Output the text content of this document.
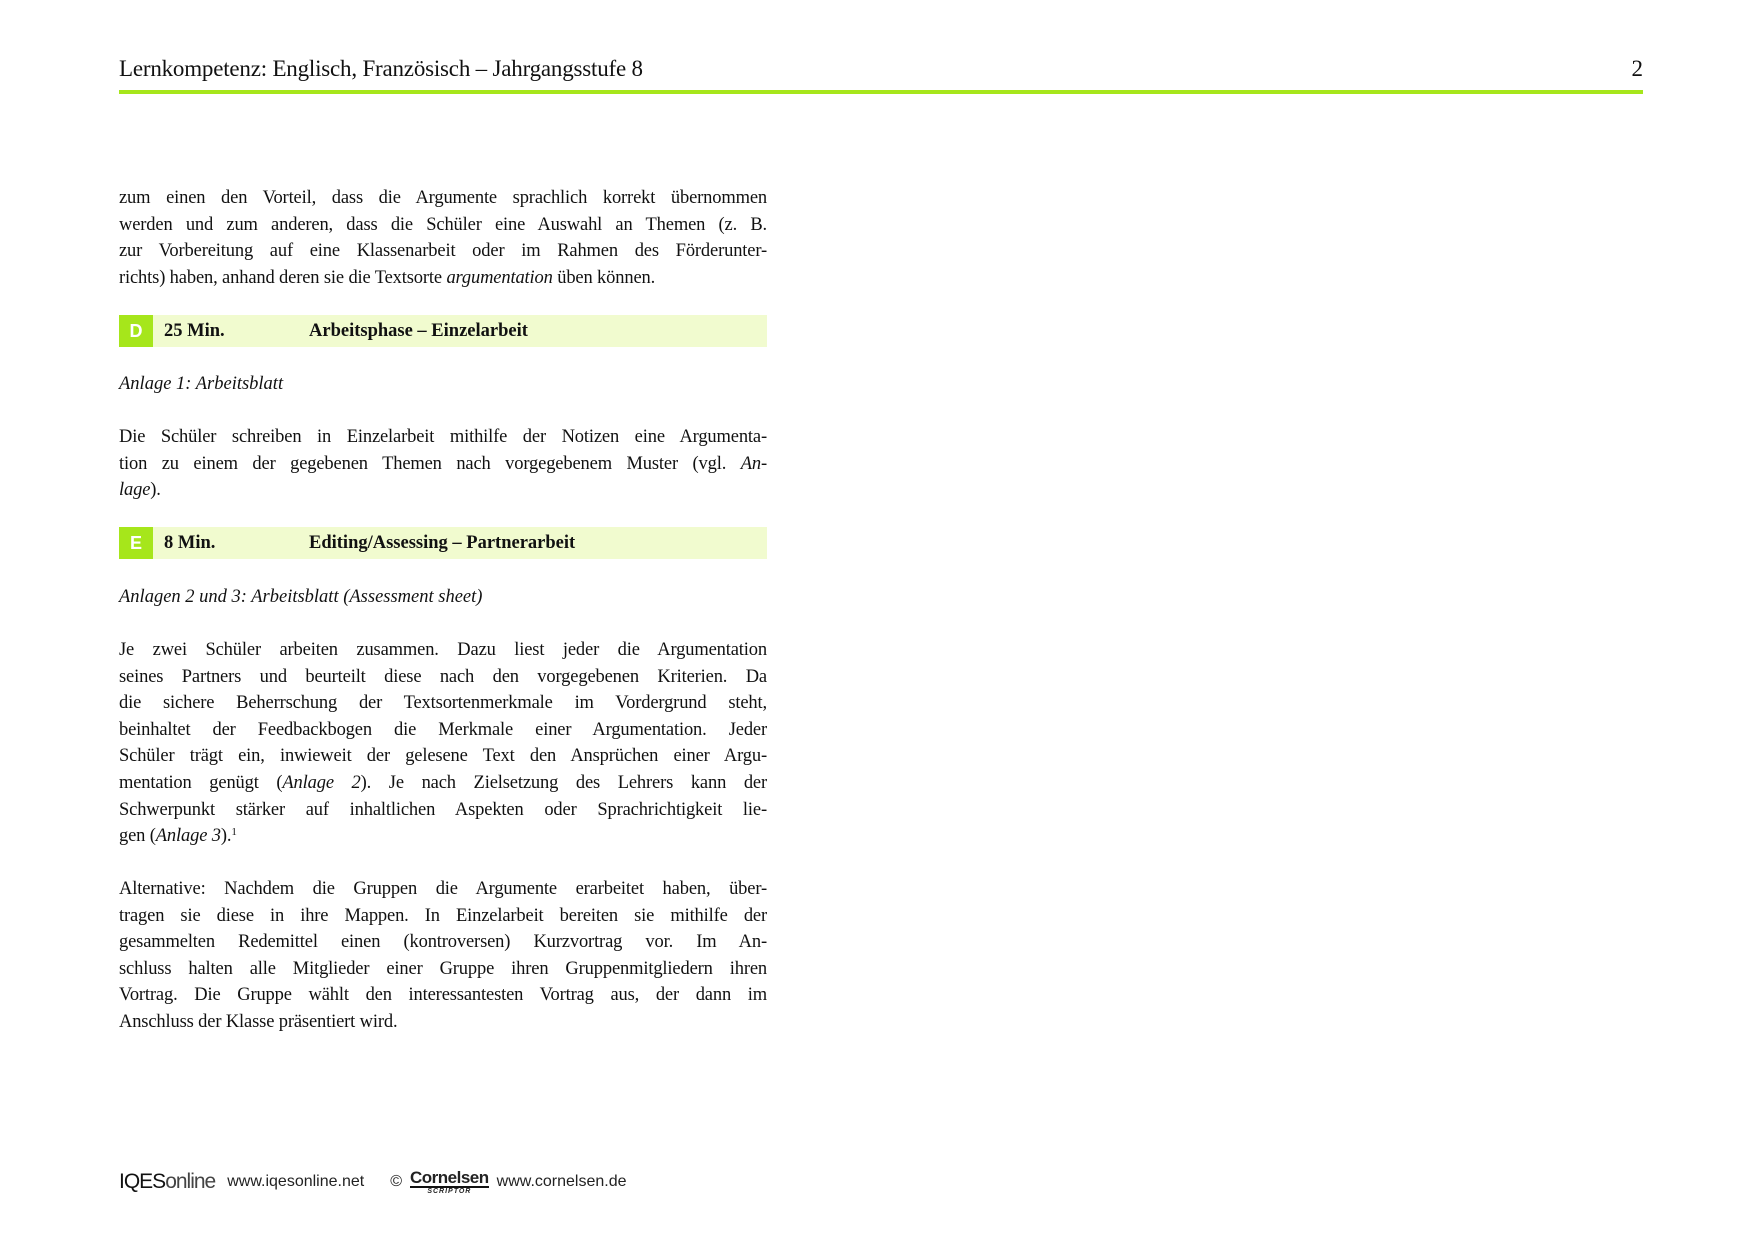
Lernkompetenz: Englisch, Französisch – Jahrgangsstufe 8	2
zum einen den Vorteil, dass die Argumente sprachlich korrekt übernommen
werden und zum anderen, dass die Schüler eine Auswahl an Themen (z. B.
zur Vorbereitung auf eine Klassenarbeit oder im Rahmen des Förderunter-
richts) haben, anhand deren sie die Textsorte argumentation üben können.
D	25 Min.	Arbeitsphase – Einzelarbeit
Anlage 1: Arbeitsblatt
Die Schüler schreiben in Einzelarbeit mithilfe der Notizen eine Argumenta-
tion zu einem der gegebenen Themen nach vorgegebenem Muster (vgl. An-
lage).
E	8 Min.	Editing/Assessing – Partnerarbeit
Anlagen 2 und 3: Arbeitsblatt (Assessment sheet)
Je zwei Schüler arbeiten zusammen. Dazu liest jeder die Argumentation
seines Partners und beurteilt diese nach den vorgegebenen Kriterien. Da
die sichere Beherrschung der Textsortenmerkmale im Vordergrund steht,
beinhaltet der Feedbackbogen die Merkmale einer Argumentation. Jeder
Schüler trägt ein, inwieweit der gelesene Text den Ansprüchen einer Argu-
mentation genügt (Anlage 2). Je nach Zielsetzung des Lehrers kann der
Schwerpunkt stärker auf inhaltlichen Aspekten oder Sprachrichtigkeit lie-
gen (Anlage 3).$^1$
Alternative: Nachdem die Gruppen die Argumente erarbeitet haben, über-
tragen sie diese in ihre Mappen. In Einzelarbeit bereiten sie mithilfe der
gesammelten Redemittel einen (kontroversen) Kurzvortrag vor. Im An-
schluss halten alle Mitglieder einer Gruppe ihren Gruppenmitgliedern ihren
Vortrag. Die Gruppe wählt den interessantesten Vortrag aus, der dann im
Anschluss der Klasse präsentiert wird.
IQESonline www.iqesonline.net © Cornelsen
SCRIPTOR
www.cornelsen.de
